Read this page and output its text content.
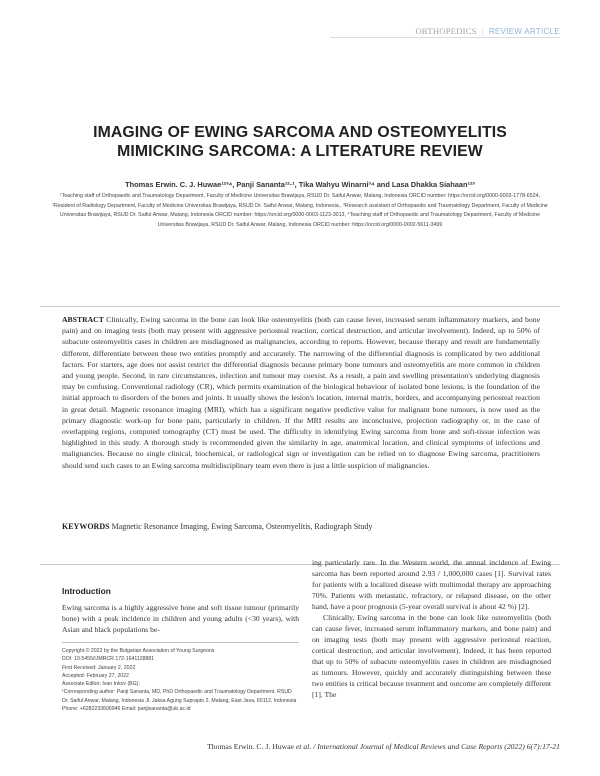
ORTHOPEDICS | REVIEW ARTICLE
IMAGING OF EWING SARCOMA AND OSTEOMYELITIS
MIMICKING SARCOMA: A LITERATURE REVIEW
Thomas Erwin. C. J. Huwae¹²³⁴, Panji Sananta¹²·¹, Tika Wahyu Winarni³⁴ and Lasa Dhakka Siahaan¹²³
¹Teaching staff of Orthopaedic and Traumatology Department, Faculty of Medicine Universitas Brawijaya, RSUD Dr. Saiful Anwar, Malang, Indonesia ORCID number: https://orcid.org/0000-0003-1778-6524, ²Resident of Radiology Department, Faculty of Medicine Universitas Brawijaya, RSUD Dr. Saiful Anwar, Malang, Indonesia., ³Research assistant of Orthopaedic and Traumatology Department, Faculty of Medicine Universitas Brawijaya, RSUD Dr. Saiful Anwar, Malang, Indonesia ORCID number: https://orcid.org/0000-0003-1123-3013, ⁴Teaching staff of Orthopaedic and Traumatology Department, Faculty of Medicine Universitas Brawijaya, RSUD Dr. Saiful Anwar, Malang, Indonesia ORCID number: https://orcid.org/0000-0002-5611-3499
ABSTRACT Clinically, Ewing sarcoma in the bone can look like osteomyelitis (both can cause fever, increased serum inflammatory markers, and bone pain) and on imaging tests (both may present with aggressive periosteal reaction, cortical destruction, and articular involvement). Indeed, up to 50% of subacute osteomyelitis cases in children are misdiagnosed as malignancies, according to reports. However, because therapy and result are fundamentally different, differentiate between these two entities promptly and accurately. The narrowing of the differential diagnosis is complicated by two additional factors. For starters, age does not assist restrict the differential diagnosis because primary bone tumours and osteomyelitis are more common in children and young people. Second, in rare circumstances, infection and tumour may coexist. As a result, a pain and swelling presentation's underlying diagnosis may be confusing. Conventional radiology (CR), which permits examination of the biological behaviour of isolated bone lesions, is the foundation of the initial approach to disorders of the bones and joints. It usually shows the lesion's location, internal matrix, borders, and accompanying periosteal reaction in great detail. Magnetic resonance imaging (MRI), which has a significant negative predictive value for malignant bone tumours, is now used as the primary diagnostic work-up for bone pain, particularly in children. If the MRI results are inconclusive, projection radiography or, in the case of overlapping regions, computed tomography (CT) must be used. The difficulty in identifying Ewing sarcoma from bone and soft-tissue infection was highlighted in this study. A thorough study is recommended given the similarity in age, anatomical location, and clinical symptoms of infections and malignancies. Because no single clinical, biochemical, or radiological sign or investigation can be relied on to diagnose Ewing sarcoma, practitioners should send such cases to an Ewing sarcoma multidisciplinary team even there is just a little suspicion of malignancies.
KEYWORDS Magnetic Resonance Imaging, Ewing Sarcoma, Osteomyelitis, Radiograph Study
Introduction

Ewing sarcoma is a highly aggressive bone and soft tissue tumour (primarily bone) with a peak incidence in children and young adults (<30 years), with Asian and black populations be-

Copyright © 2022 by the Bulgarian Association of Young Surgeons
DOI: 10.5455/IJMRCR.172-1641128881
First Received: January 2, 2022
Accepted: February 27, 2022
Associate Editor: Ivan Inkov (BG);
¹Corresponding author: Panji Sananta, MD, PhD Orthopaedic and Traumatology Department, RSUD Dr. Saiful Anwar, Malang, Indonesia Jl. Jaksa Agung Suprapto 2, Malang, East Java, 65112, Indonesia Phone: +6282233606946 Email: panjisananta@ub.ac.id

ing particularly rare. In the Western world, the annual incidence of Ewing sarcoma has been reported around 2.93 / 1,000,000 cases [1]. Survival rates for patients with a localized disease with multimodal therapy are approaching 70%. Patients with metastatic, refractory, or relapsed disease, on the other hand, have a poor prognosis (5-year overall survival is about 42 %) [2].

Clinically, Ewing sarcoma in the bone can look like osteomyelitis (both can cause fever, increased serum inflammatory markers, and bone pain) and on imaging tests (both may present with aggressive periosteal reaction, cortical destruction, and articular involvement). Indeed, it has been reported that up to 50% of subacute osteomyelitis cases in children are misdiagnosed as tumours. However, quickly and accurately distinguishing between these two entities is critical because treatment and outcome are completely different [1]. The

Thomas Erwin. C. J. Huwae et al. / International Journal of Medical Reviews and Case Reports (2022) 6(7):17-21
